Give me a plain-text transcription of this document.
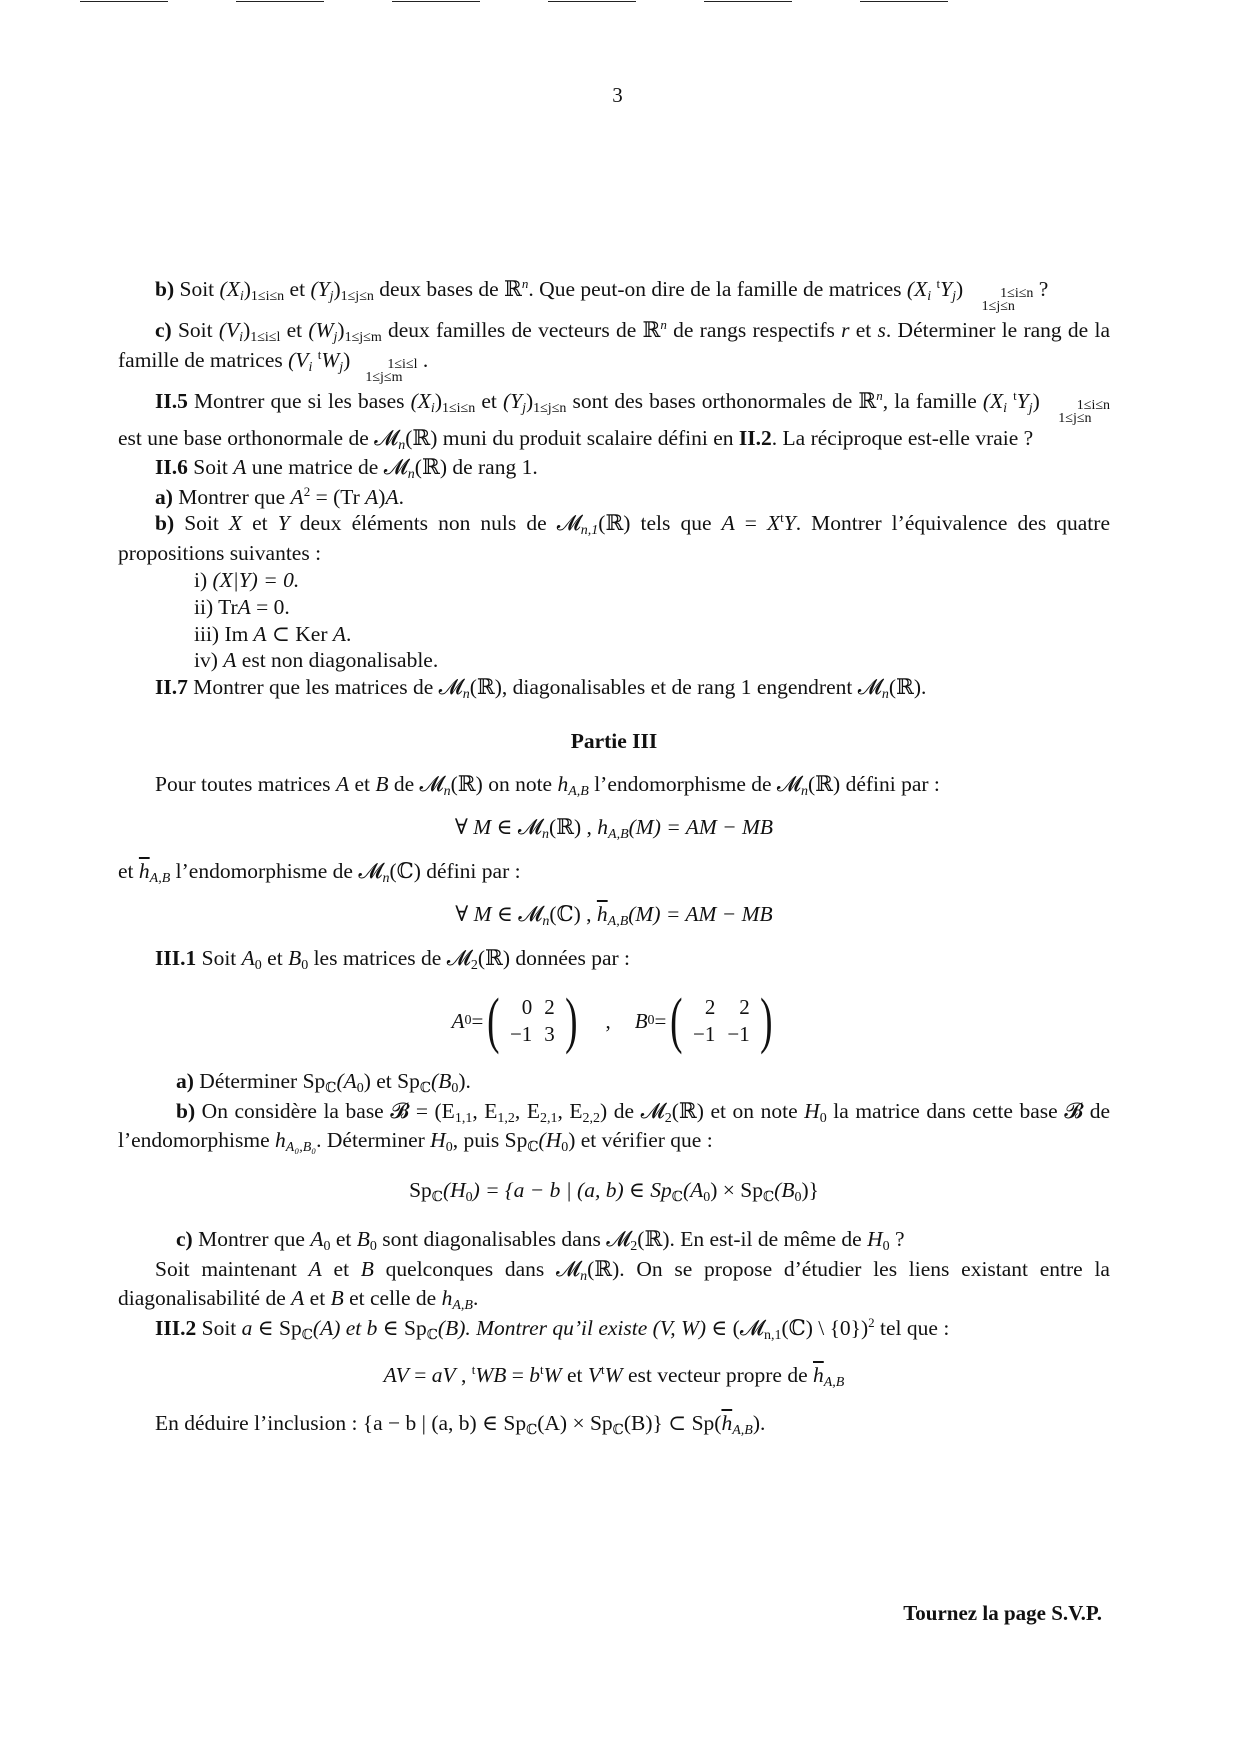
3

b) Soit $(X_i)_{1\le i\le n}$ et $(Y_j)_{1\le j\le n}$ deux bases de ℝ$^n$. Que peut-on dire de la famille de matrices ($X_i$ $^tY_j$)	1≤i≤n
1≤j≤n ?

c) Soit $(V_i)_{1\le i\le l}$ et $(W_j)_{1\le j\le m}$ deux familles de vecteurs de ℝ$^n$ de rangs respectifs r et s. Déterminer le rang de la famille de matrices ($V_i$ $^tW_j$)	1≤i≤l
1≤j≤m .

II.5 Montrer que si les bases $(X_i)_{1\le i\le n}$ et $(Y_j)_{1\le j\le n}$ sont des bases orthonormales de ℝ$^n$, la famille ($X_i$ $^tY_j$)	1≤i≤n
1≤j≤n est une base orthonormale de 𝓜$_n$(ℝ) muni du produit scalaire défini en II.2. La réciproque est-elle vraie ?

II.6 Soit A une matrice de 𝓜$_n$(ℝ) de rang 1.

a) Montrer que $A^2 = (Tr$ A)A.

b) Soit X et Y deux éléments non nuls de 𝓜$_{n,1}$(ℝ) tels que $A = X^tY$. Montrer l’équivalence des quatre propositions suivantes :

i) (X|Y) = 0.

ii) TrA = 0.

iii) Im A ⊂ Ker A.

iv) A est non diagonalisable.

II.7 Montrer que les matrices de 𝓜$_n$(ℝ), diagonalisables et de rang 1 engendrent 𝓜$_n$(ℝ).

Partie III

Pour toutes matrices A et B de 𝓜$_n$(ℝ) on note $h_{A,B}$ l’endomorphisme de 𝓜$_n$(ℝ) défini par :

∀ M ∈ 𝓜$_n$(ℝ) , $h_{A,B}(M)$ = AM − MB

et $\overline{h}_{A,B}$ l’endomorphisme de 𝓜$_n$(ℂ) défini par :

∀ M ∈ 𝓜$_n$(ℂ) , $\overline{h}_{A,B}(M)$ = AM − MB

III.1 Soit $A_0$ et $B_0$ les matrices de 𝓜$_2$(ℝ) données par :

A 0 = ( 0	2
−1	3 ) , B 0 = ( 2	2
−1	−1 )

a) Déterminer $Sp_ℂ(A_0)$ et $Sp_ℂ(B_0)$.

b) On considère la base 𝓑 = ($E_{1,1}$, $E_{1,2}$, $E_{2,1}$, $E_{2,2}$) de 𝓜$_2$(ℝ) et on note $H_0$ la matrice dans cette base 𝓑 de l’endomorphisme $h_{A_0,B_0}$. Déterminer $H_0$, puis $Sp_ℂ(H_0)$ et vérifier que :

$Sp_ℂ(H_0) = \{a - b$ | (a, b) ∈ $Sp_ℂ(A_0) \times Sp_ℂ(B_0)$}

c) Montrer que $A_0$ et $B_0$ sont diagonalisables dans 𝓜$_2$(ℝ). En est-il de même de $H_0$ ?

Soit maintenant A et B quelconques dans 𝓜$_n$(ℝ). On se propose d’étudier les liens existant entre la diagonalisabilité de A et B et celle de $h_{A,B}$.

III.2 Soit a ∈ $Sp_ℂ(A)$ et b ∈ $Sp_ℂ(B)$. Montrer qu’il existe (V, W) ∈ (𝓜$_{n,1}$(ℂ) \ {0})$^2$ tel que :

AV = aV , $^tWB = b^tW$ et $V^tW$ est vecteur propre de $\overline{h}_{A,B}$

En déduire l’inclusion : {a − b | (a, b) ∈ $Sp_ℂ(A) \times Sp_ℂ(B)$} ⊂ $Sp(\overline{h}_{A,B})$.

Tournez la page S.V.P.
